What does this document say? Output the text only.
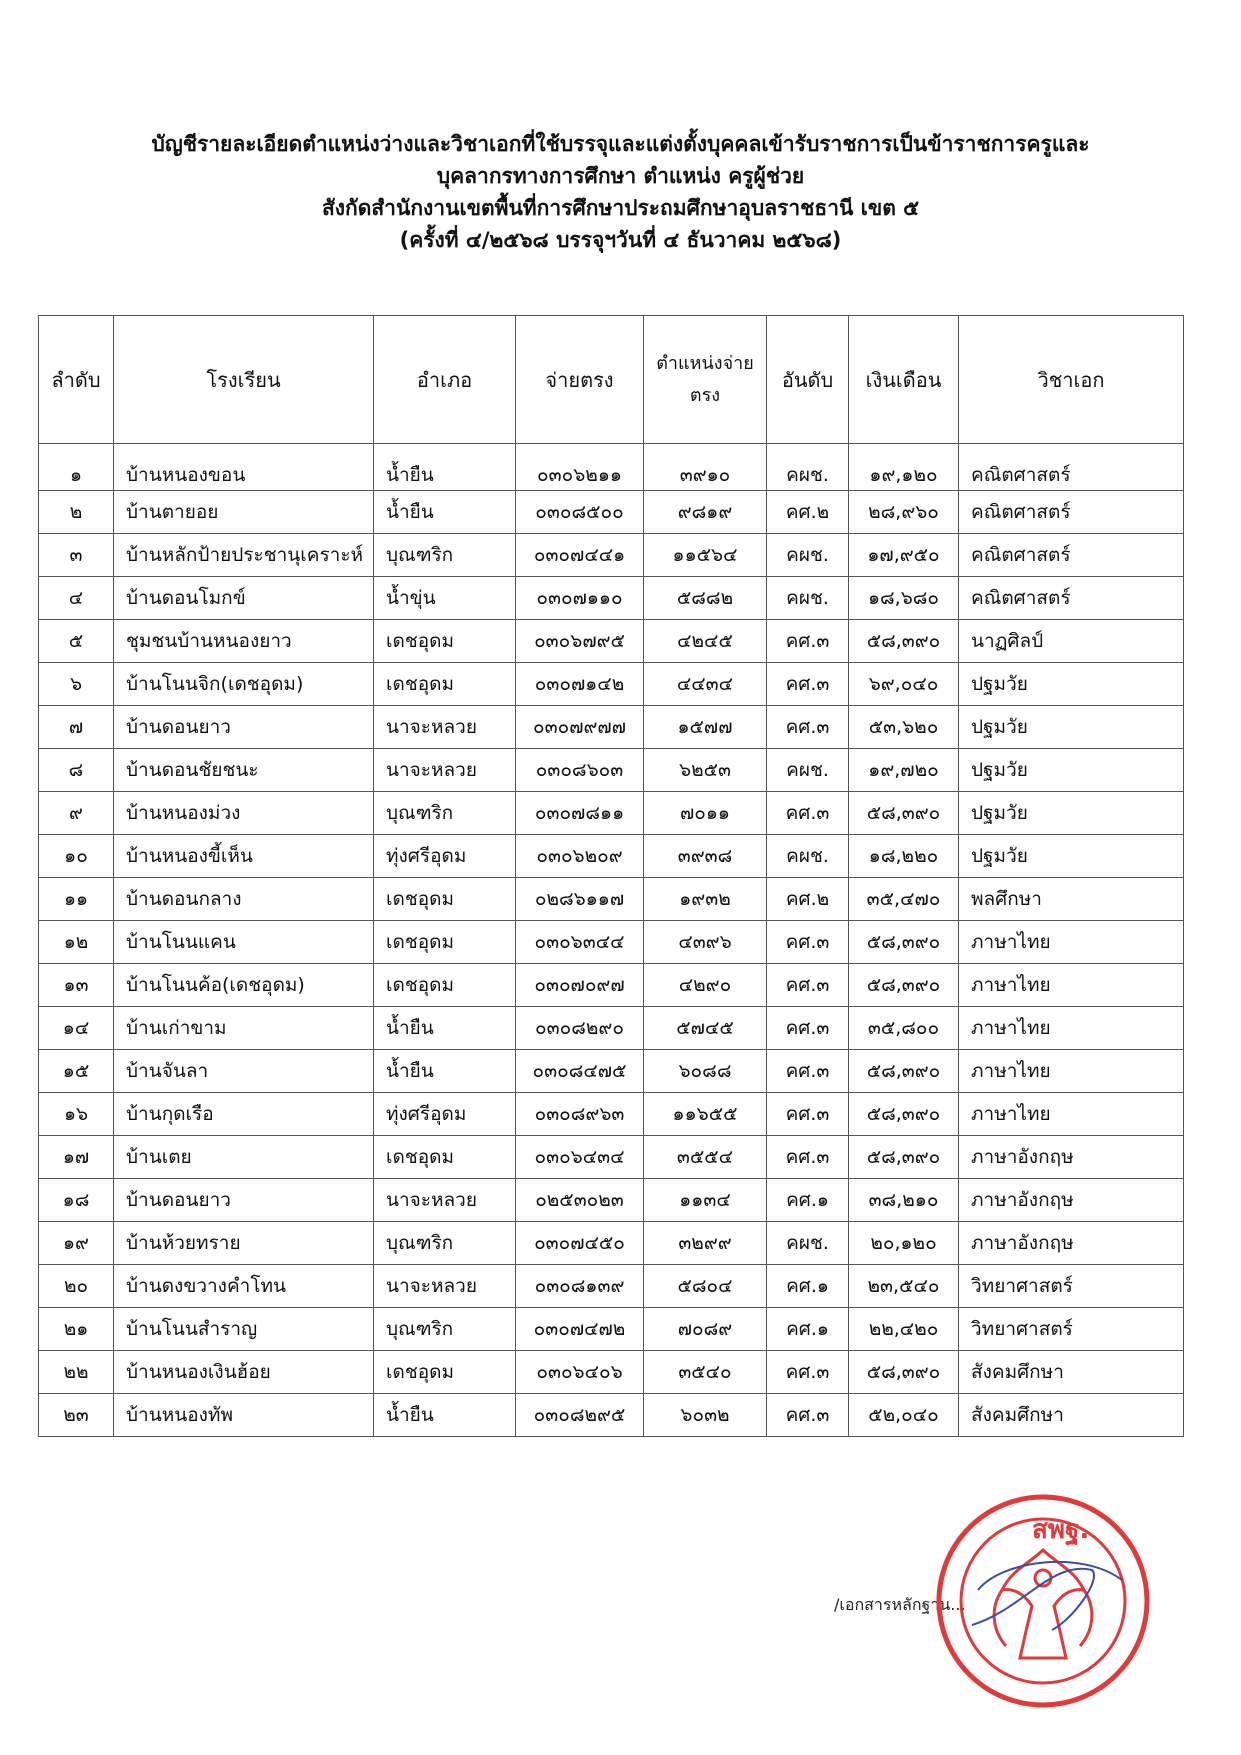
บัญชีรายละเอียดตำแหน่งว่างและวิชาเอกที่ใช้บรรจุและแต่งตั้งบุคคลเข้ารับราชการเป็นข้าราชการครูและ
บุคลากรทางการศึกษา ตำแหน่ง ครูผู้ช่วย
สังกัดสำนักงานเขตพื้นที่การศึกษาประถมศึกษาอุบลราชธานี เขต ๕
(ครั้งที่ ๔/๒๕๖๘ บรรจุฯวันที่ ๔ ธันวาคม ๒๕๖๘)
ลำดับ	โรงเรียน	อำเภอ	จ่ายตรง	ตำแหน่งจ่ายตรง	อันดับ	เงินเดือน	วิชาเอก
๑	บ้านหนองขอน	น้ำยืน	๐๓๐๖๒๑๑	๓๙๑๐	คผช.	๑๙,๑๒๐	คณิตศาสตร์
๒	บ้านตายอย	น้ำยืน	๐๓๐๘๕๐๐	๙๘๑๙	คศ.๒	๒๘,๙๖๐	คณิตศาสตร์
๓	บ้านหลักป้ายประชานุเคราะห์	บุณฑริก	๐๓๐๗๔๔๑	๑๑๕๖๔	คผช.	๑๗,๙๕๐	คณิตศาสตร์
๔	บ้านดอนโมกข์	น้ำขุ่น	๐๓๐๗๑๑๐	๕๘๘๒	คผช.	๑๘,๖๘๐	คณิตศาสตร์
๕	ชุมชนบ้านหนองยาว	เดชอุดม	๐๓๐๖๗๙๕	๔๒๔๕	คศ.๓	๕๘,๓๙๐	นาฏศิลป์
๖	บ้านโนนจิก(เดชอุดม)	เดชอุดม	๐๓๐๗๑๔๒	๔๔๓๔	คศ.๓	๖๙,๐๔๐	ปฐมวัย
๗	บ้านดอนยาว	นาจะหลวย	๐๓๐๗๙๗๗	๑๕๗๗	คศ.๓	๕๓,๖๒๐	ปฐมวัย
๘	บ้านดอนชัยชนะ	นาจะหลวย	๐๓๐๘๖๐๓	๖๒๕๓	คผช.	๑๙,๗๒๐	ปฐมวัย
๙	บ้านหนองม่วง	บุณฑริก	๐๓๐๗๘๑๑	๗๐๑๑	คศ.๓	๕๘,๓๙๐	ปฐมวัย
๑๐	บ้านหนองขี้เห็น	ทุ่งศรีอุดม	๐๓๐๖๒๐๙	๓๙๓๘	คผช.	๑๘,๒๒๐	ปฐมวัย
๑๑	บ้านดอนกลาง	เดชอุดม	๐๒๘๖๑๑๗	๑๙๓๒	คศ.๒	๓๕,๔๗๐	พลศึกษา
๑๒	บ้านโนนแคน	เดชอุดม	๐๓๐๖๓๔๔	๔๓๙๖	คศ.๓	๕๘,๓๙๐	ภาษาไทย
๑๓	บ้านโนนค้อ(เดชอุดม)	เดชอุดม	๐๓๐๗๐๙๗	๔๒๙๐	คศ.๓	๕๘,๓๙๐	ภาษาไทย
๑๔	บ้านเก่าขาม	น้ำยืน	๐๓๐๘๒๙๐	๕๗๔๕	คศ.๓	๓๕,๘๐๐	ภาษาไทย
๑๕	บ้านจันลา	น้ำยืน	๐๓๐๘๔๗๕	๖๐๘๘	คศ.๓	๕๘,๓๙๐	ภาษาไทย
๑๖	บ้านกุดเรือ	ทุ่งศรีอุดม	๐๓๐๘๙๖๓	๑๑๖๕๕	คศ.๓	๕๘,๓๙๐	ภาษาไทย
๑๗	บ้านเตย	เดชอุดม	๐๓๐๖๔๓๔	๓๕๕๔	คศ.๓	๕๘,๓๙๐	ภาษาอังกฤษ
๑๘	บ้านดอนยาว	นาจะหลวย	๐๒๕๓๐๒๓	๑๑๓๔	คศ.๑	๓๘,๒๑๐	ภาษาอังกฤษ
๑๙	บ้านห้วยทราย	บุณฑริก	๐๓๐๗๔๕๐	๓๒๙๙	คผช.	๒๐,๑๒๐	ภาษาอังกฤษ
๒๐	บ้านดงขวางคำโทน	นาจะหลวย	๐๓๐๘๑๓๙	๕๘๐๔	คศ.๑	๒๓,๕๔๐	วิทยาศาสตร์
๒๑	บ้านโนนสำราญ	บุณฑริก	๐๓๐๗๔๗๒	๗๐๘๙	คศ.๑	๒๒,๔๒๐	วิทยาศาสตร์
๒๒	บ้านหนองเงินฮ้อย	เดชอุดม	๐๓๐๖๔๐๖	๓๕๔๐	คศ.๓	๕๘,๓๙๐	สังคมศึกษา
๒๓	บ้านหนองทัพ	น้ำยืน	๐๓๐๘๒๙๕	๖๐๓๒	คศ.๓	๕๒,๐๔๐	สังคมศึกษา
/เอกสารหลักฐาน...
สพฐ.
